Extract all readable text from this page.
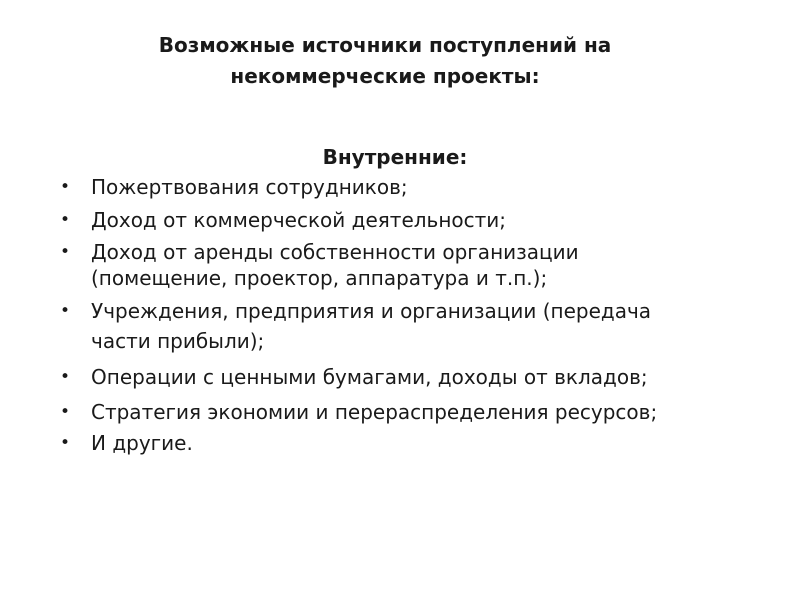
Возможные источники поступлений на
некоммерческие проекты:
Внутренние:
•	Пожертвования сотрудников;
•	Доход от коммерческой деятельности;
•	Доход от аренды собственности организации
(помещение, проектор, аппаратура и т.п.);
•	Учреждения, предприятия и организации (передача
части прибыли);
•	Операции с ценными бумагами, доходы от вкладов;
•	Стратегия экономии и перераспределения ресурсов;
•	И другие.
